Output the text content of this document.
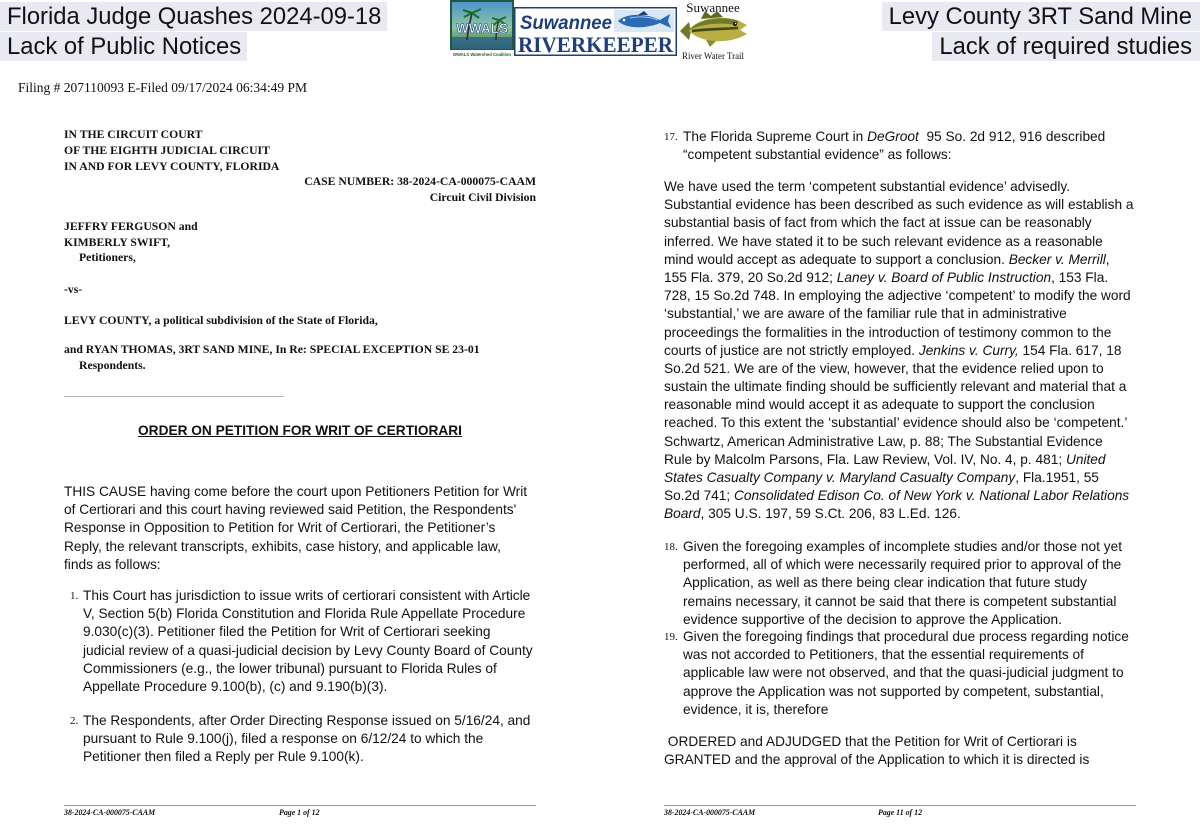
Florida Judge Quashes 2024-09-18
Lack of Public Notices
Levy County 3RT Sand Mine
Lack of required studies
WWALS
WWALS Watershed Coalition
Suwannee
RIVERKEEPER
Suwannee
River Water Trail
Filing # 207110093 E-Filed 09/17/2024 06:34:49 PM
IN THE CIRCUIT COURT
OF THE EIGHTH JUDICIAL CIRCUIT
IN AND FOR LEVY COUNTY, FLORIDA
CASE NUMBER: 38-2024-CA-000075-CAAM
Circuit Civil Division
JEFFRY FERGUSON and
KIMBERLY SWIFT,
Petitioners,
-vs-
LEVY COUNTY, a political subdivision of the State of Florida,
and RYAN THOMAS, 3RT SAND MINE, In Re: SPECIAL EXCEPTION SE 23-01
Respondents.
ORDER ON PETITION FOR WRIT OF CERTIORARI
THIS CAUSE having come before the court upon Petitioners Petition for Writ
of Certiorari and this court having reviewed said Petition, the Respondents'
Response in Opposition to Petition for Writ of Certiorari, the Petitioner’s
Reply, the relevant transcripts, exhibits, case history, and applicable law,
finds as follows:
1. This Court has jurisdiction to issue writs of certiorari consistent with Article
V, Section 5(b) Florida Constitution and Florida Rule Appellate Procedure
9.030(c)(3). Petitioner filed the Petition for Writ of Certiorari seeking
judicial review of a quasi-judicial decision by Levy County Board of County
Commissioners (e.g., the lower tribunal) pursuant to Florida Rules of
Appellate Procedure 9.100(b), (c) and 9.190(b)(3).
2. The Respondents, after Order Directing Response issued on 5/16/24, and
pursuant to Rule 9.100(j), filed a response on 6/12/24 to which the
Petitioner then filed a Reply per Rule 9.100(k).
17. The Florida Supreme Court in DeGroot  95 So. 2d 912, 916 described
“competent substantial evidence” as follows:
We have used the term ‘competent substantial evidence’ advisedly.
Substantial evidence has been described as such evidence as will establish a
substantial basis of fact from which the fact at issue can be reasonably
inferred. We have stated it to be such relevant evidence as a reasonable
mind would accept as adequate to support a conclusion. Becker v. Merrill,
155 Fla. 379, 20 So.2d 912; Laney v. Board of Public Instruction, 153 Fla.
728, 15 So.2d 748. In employing the adjective ‘competent’ to modify the word
‘substantial,’ we are aware of the familiar rule that in administrative
proceedings the formalities in the introduction of testimony common to the
courts of justice are not strictly employed. Jenkins v. Curry, 154 Fla. 617, 18
So.2d 521. We are of the view, however, that the evidence relied upon to
sustain the ultimate finding should be sufficiently relevant and material that a
reasonable mind would accept it as adequate to support the conclusion
reached. To this extent the ‘substantial’ evidence should also be ‘competent.’
Schwartz, American Administrative Law, p. 88; The Substantial Evidence
Rule by Malcolm Parsons, Fla. Law Review, Vol. IV, No. 4, p. 481; United
States Casualty Company v. Maryland Casualty Company, Fla.1951, 55
So.2d 741; Consolidated Edison Co. of New York v. National Labor Relations
Board, 305 U.S. 197, 59 S.Ct. 206, 83 L.Ed. 126.
18. Given the foregoing examples of incomplete studies and/or those not yet
performed, all of which were necessarily required prior to approval of the
Application, as well as there being clear indication that future study
remains necessary, it cannot be said that there is competent substantial
evidence supportive of the decision to approve the Application.
19. Given the foregoing findings that procedural due process regarding notice
was not accorded to Petitioners, that the essential requirements of
applicable law were not observed, and that the quasi-judicial judgment to
approve the Application was not supported by competent, substantial,
evidence, it is, therefore
ORDERED and ADJUDGED that the Petition for Writ of Certiorari is
GRANTED and the approval of the Application to which it is directed is
38-2024-CA-000075-CAAM	Page 1 of 12	38-2024-CA-000075-CAAM	Page 11 of 12
